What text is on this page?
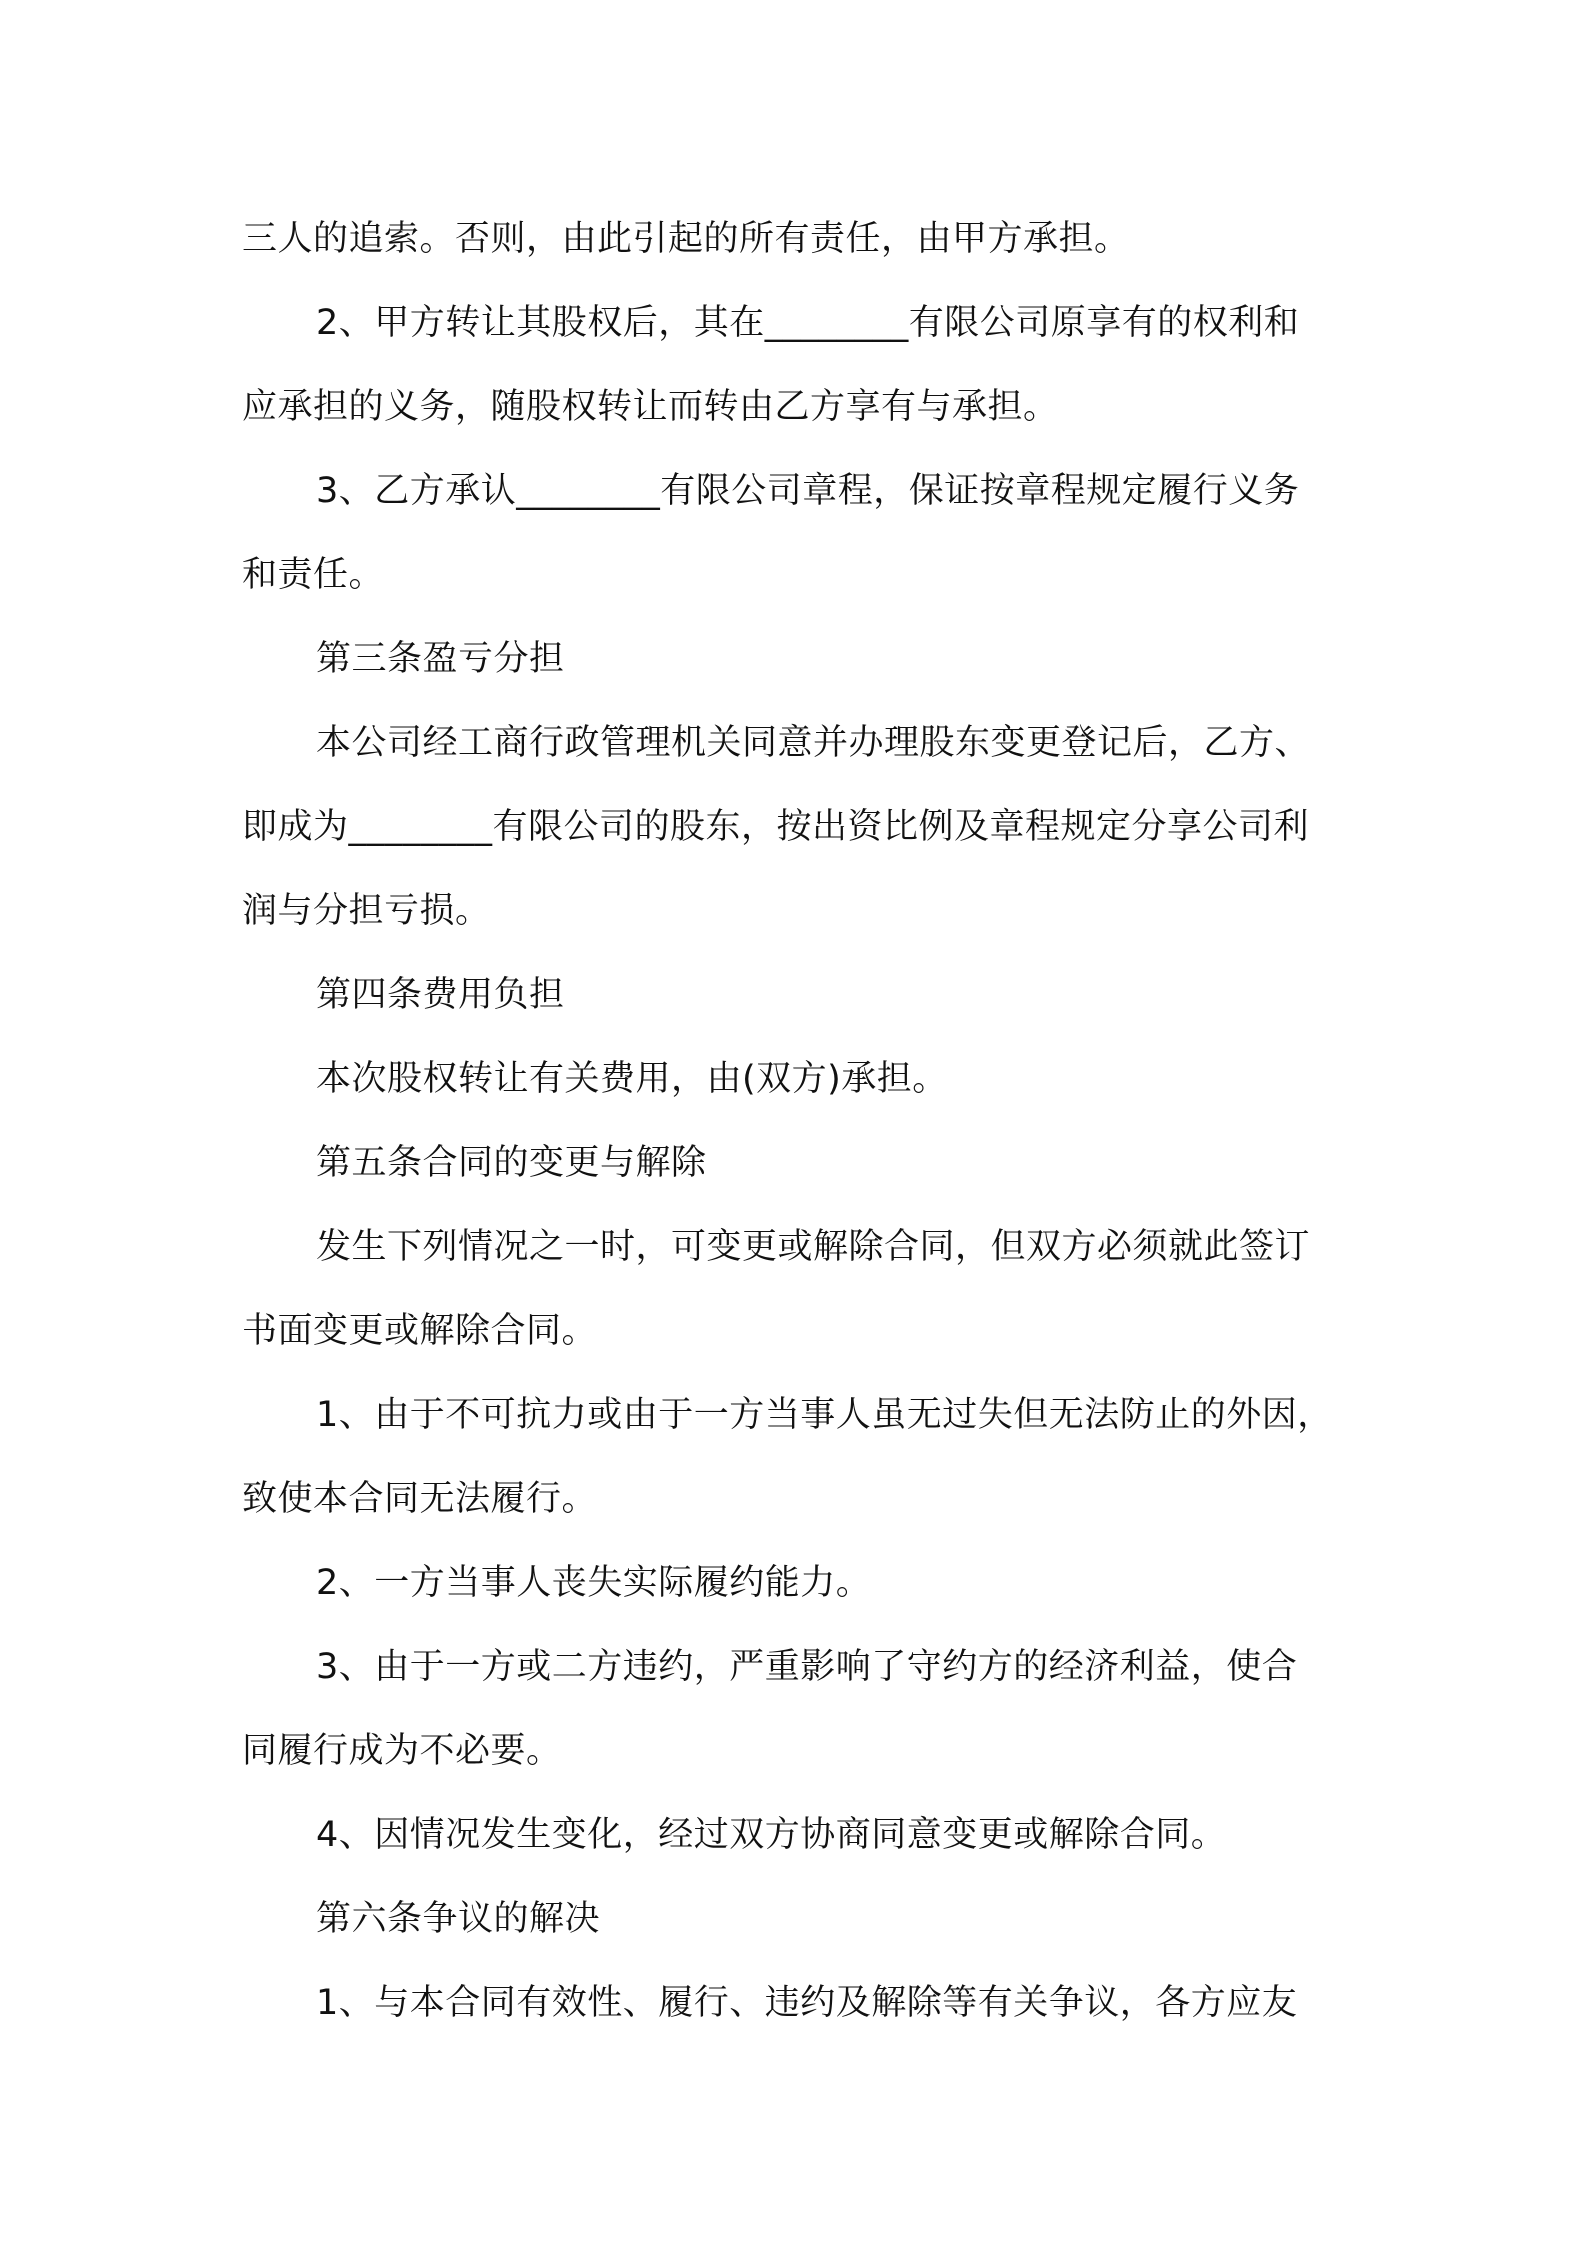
三人的追索。否则，由此引起的所有责任，由甲方承担。
2、甲方转让其股权后，其在________有限公司原享有的权利和
应承担的义务，随股权转让而转由乙方享有与承担。
3、乙方承认________有限公司章程，保证按章程规定履行义务
和责任。
第三条盈亏分担
本公司经工商行政管理机关同意并办理股东变更登记后，乙方、
即成为________有限公司的股东，按出资比例及章程规定分享公司利
润与分担亏损。
第四条费用负担
本次股权转让有关费用，由(双方)承担。
第五条合同的变更与解除
发生下列情况之一时，可变更或解除合同，但双方必须就此签订
书面变更或解除合同。
1、由于不可抗力或由于一方当事人虽无过失但无法防止的外因，
致使本合同无法履行。
2、一方当事人丧失实际履约能力。
3、由于一方或二方违约，严重影响了守约方的经济利益，使合
同履行成为不必要。
4、因情况发生变化，经过双方协商同意变更或解除合同。
第六条争议的解决
1、与本合同有效性、履行、违约及解除等有关争议，各方应友
